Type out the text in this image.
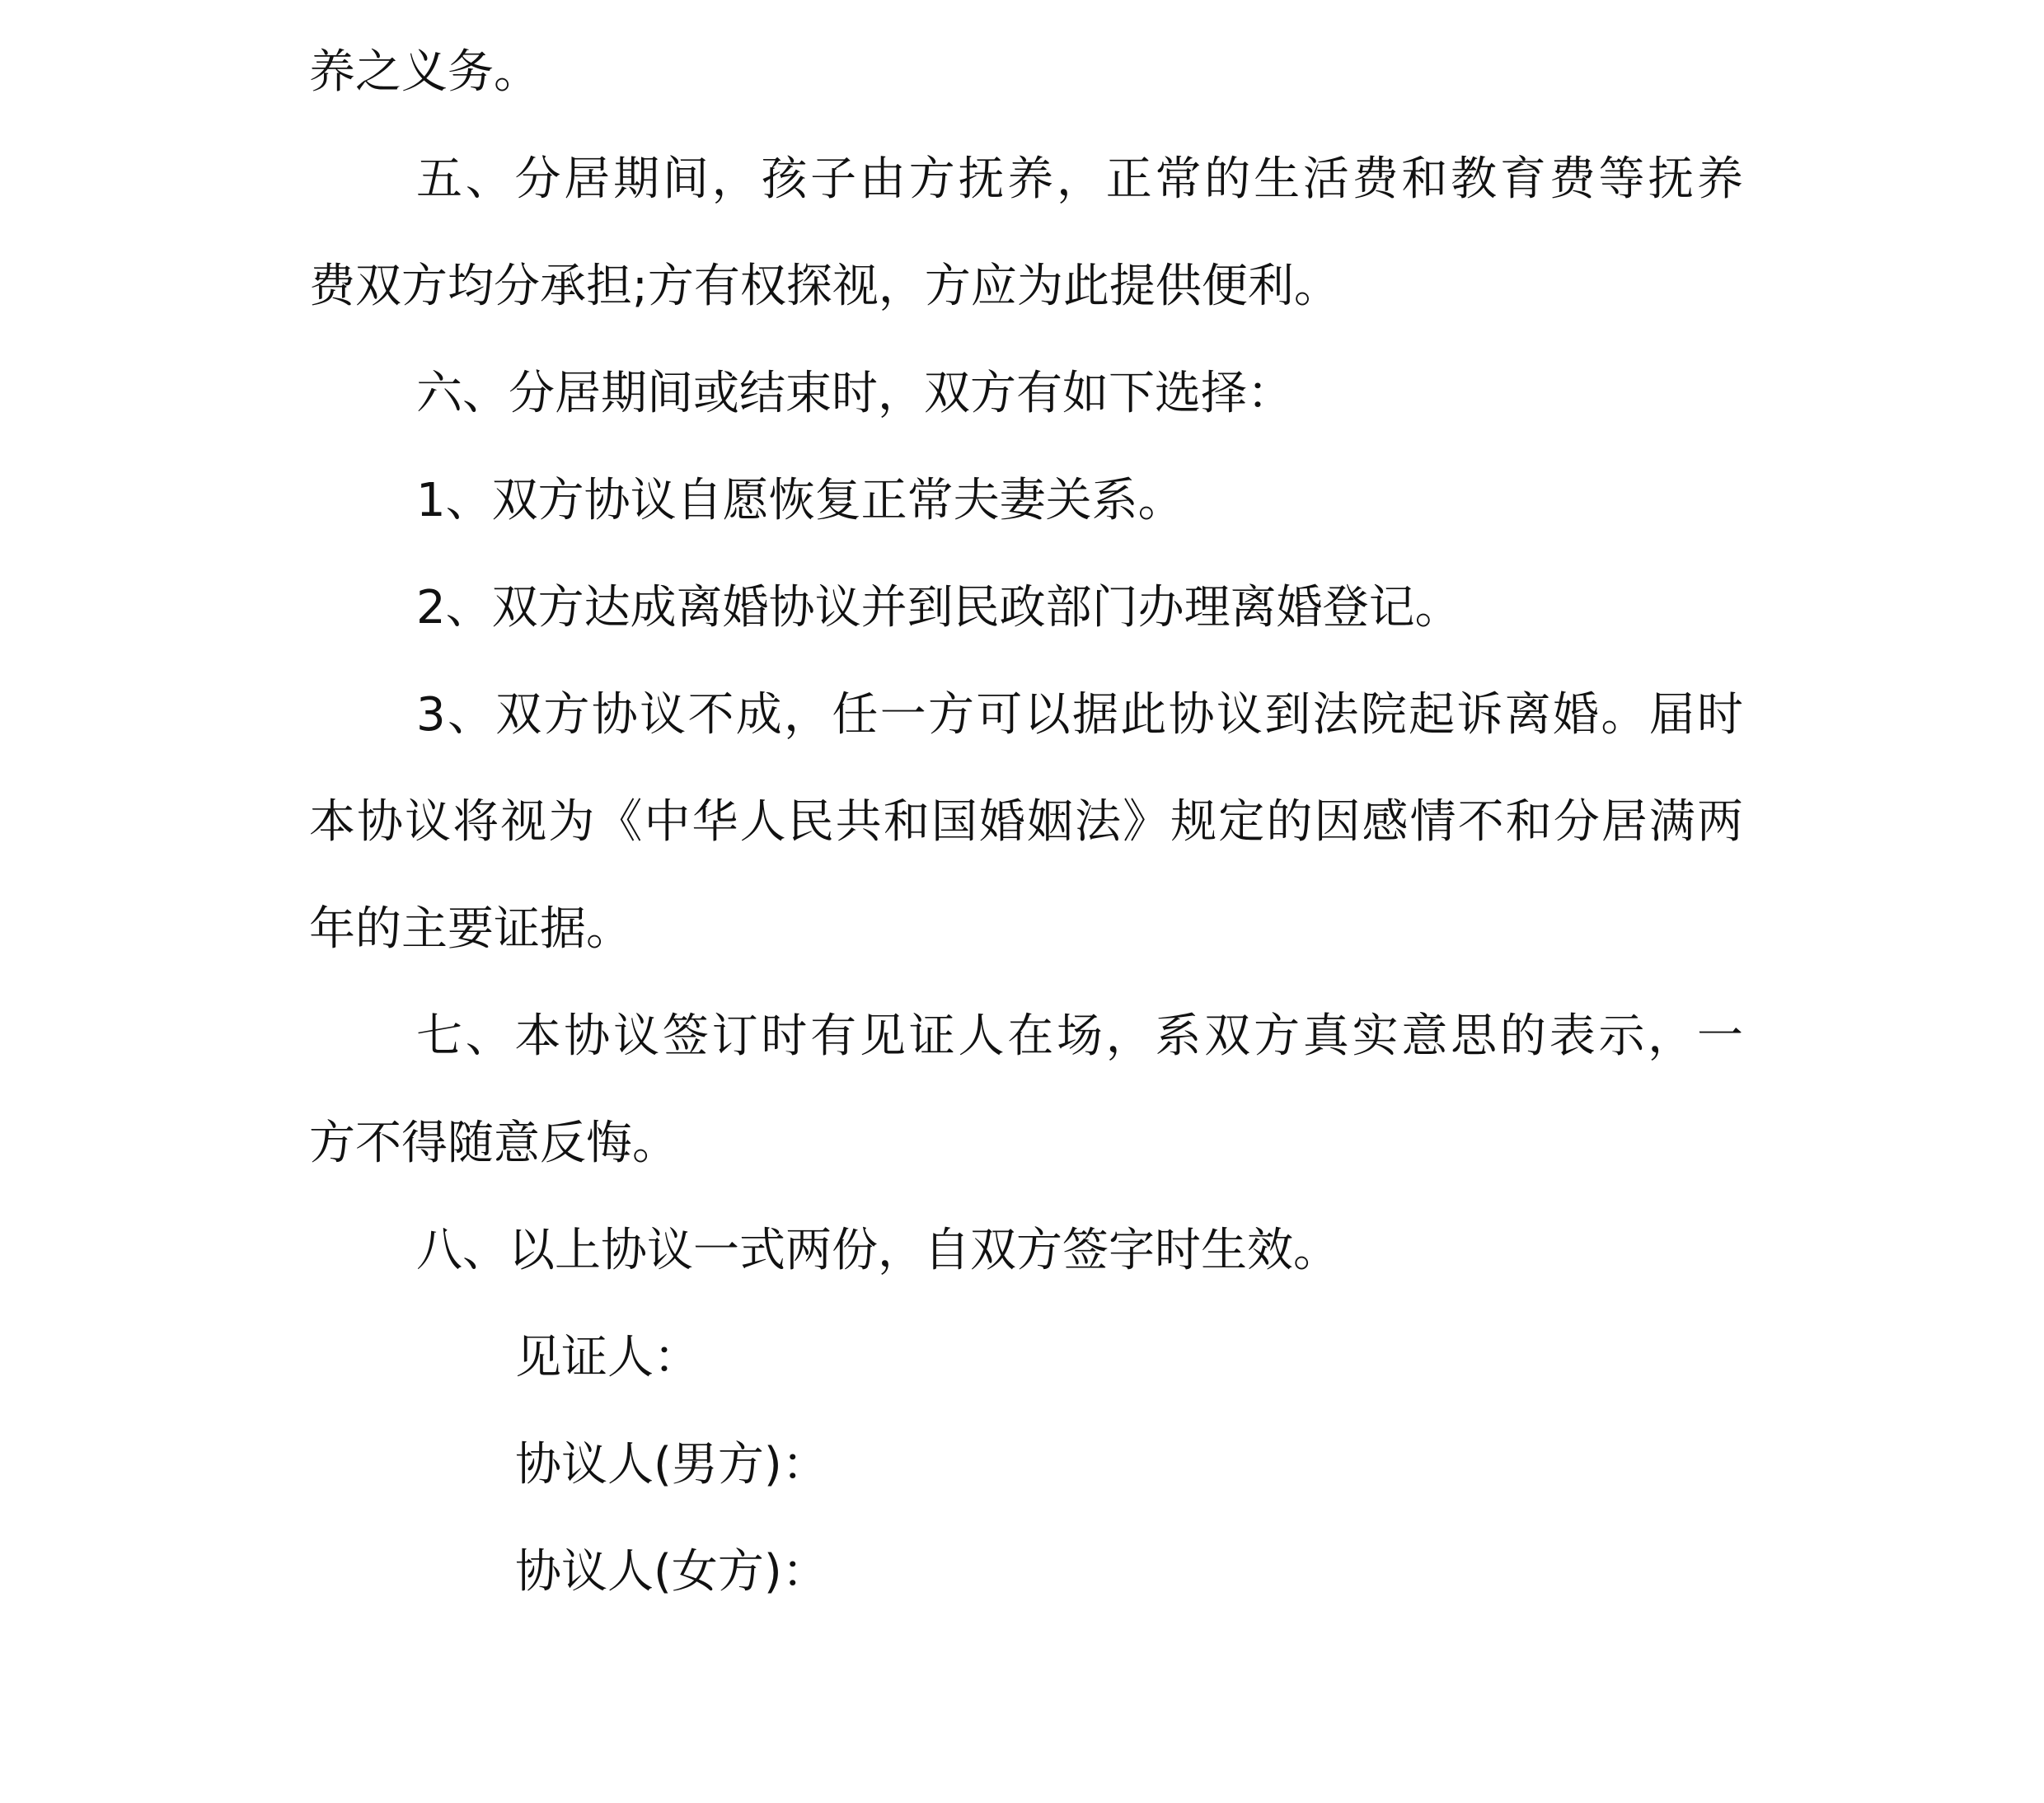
养之义务。
五、分居期间，孩子由方抚养，正常的生活费和教育费等抚养
费双方均分承担;方有权探视，方应为此提供便利。
六、分居期间或结束时，双方有如下选择：
1、双方协议自愿恢复正常夫妻关系。
2、双方达成离婚协议并到民政部门办理离婚登记。
3、双方协议不成，任一方可以据此协议到法院起诉离婚。届时
本协议将视为《中华人民共和国婚姻法》规定的因感情不和分居满两
年的主要证据。
七、本协议签订时有见证人在场，系双方真实意思的表示，一
方不得随意反悔。
八、以上协议一式两份，自双方签字时生效。
见证人：
协议人(男方)：
协议人(女方)：
